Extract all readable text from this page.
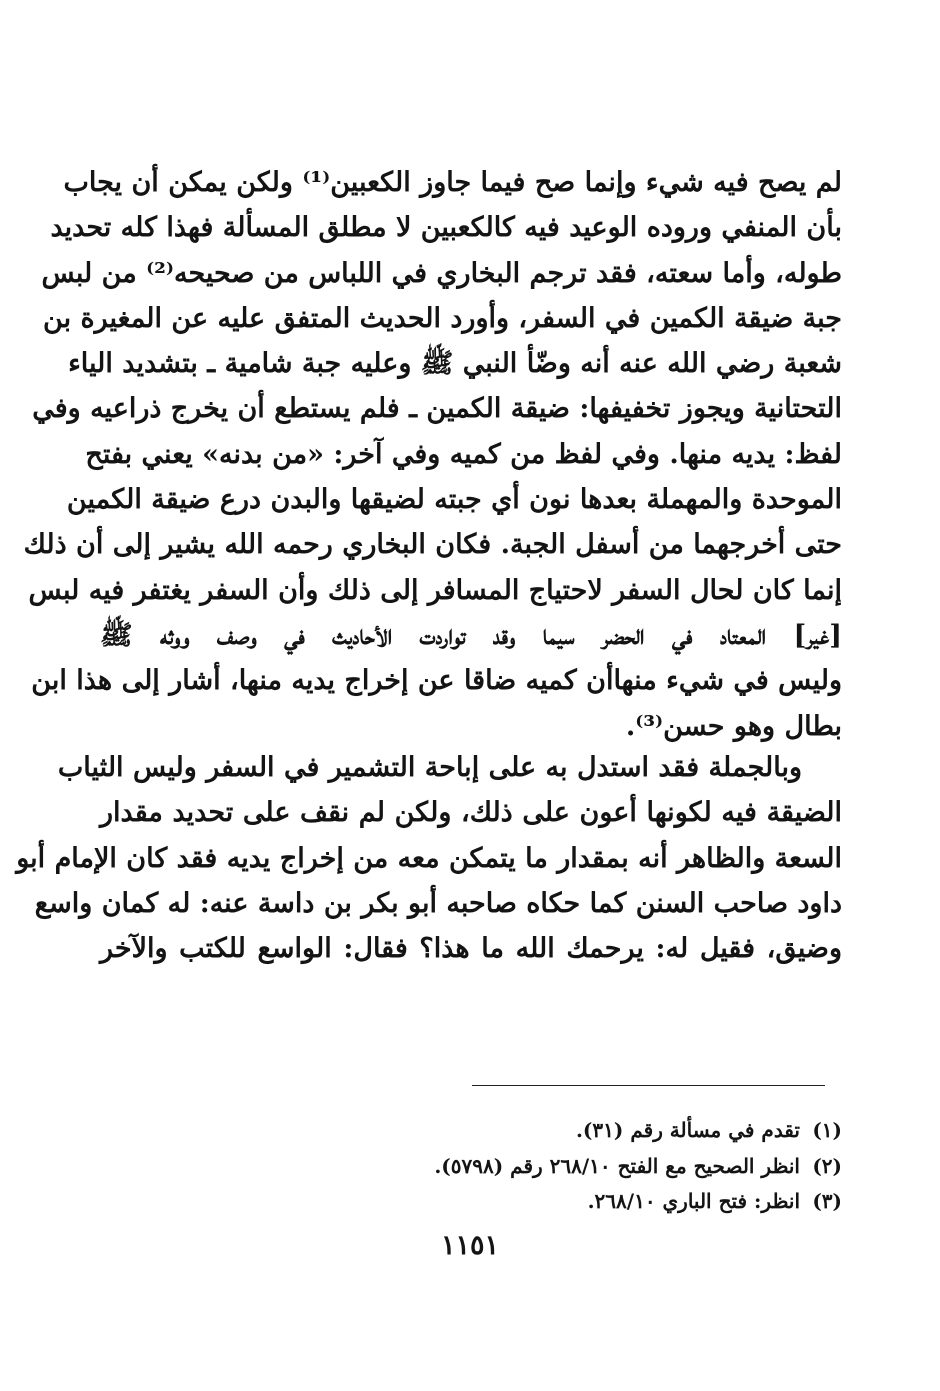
لم يصح فيه شيء وإنما صح فيما جاوز الكعبين⁽¹⁾ ولكن يمكن أن يجاب
بأن المنفي وروده الوعيد فيه كالكعبين لا مطلق المسألة فهذا كله تحديد
طوله، وأما سعته، فقد ترجم البخاري في اللباس من صحيحه⁽²⁾ من لبس
جبة ضيقة الكمين في السفر، وأورد الحديث المتفق عليه عن المغيرة بن
شعبة رضي الله عنه أنه وضّأ النبي ﷺ وعليه جبة شامية ـ بتشديد الياء
التحتانية ويجوز تخفيفها: ضيقة الكمين ـ فلم يستطع أن يخرج ذراعيه وفي
لفظ: يديه منها. وفي لفظ من كميه وفي آخر: «من بدنه» يعني بفتح
الموحدة والمهملة بعدها نون أي جبته لضيقها والبدن درع ضيقة الكمين
حتى أخرجهما من أسفل الجبة. فكان البخاري رحمه الله يشير إلى أن ذلك
إنما كان لحال السفر لاحتياج المسافر إلى ذلك وأن السفر يغتفر فيه لبس
[غير] المعتاد في الحضر سيما وقد تواردت الأحاديث في وصف ووثه ﷺ
وليس في شيء منهاأن كميه ضاقا عن إخراج يديه منها، أشار إلى هذا ابن
بطال وهو حسن⁽³⁾.
وبالجملة فقد استدل به على إباحة التشمير في السفر وليس الثياب
الضيقة فيه لكونها أعون على ذلك، ولكن لم نقف على تحديد مقدار
السعة والظاهر أنه بمقدار ما يتمكن معه من إخراج يديه فقد كان الإمام أبو
داود صاحب السنن كما حكاه صاحبه أبو بكر بن داسة عنه: له كمان واسع
وضيق، فقيل له: يرحمك الله ما هذا؟ فقال: الواسع للكتب والآخر
(١)تقدم في مسألة رقم (٣١).
(٢)انظر الصحيح مع الفتح ٢٦٨/١٠ رقم (٥٧٩٨).
(٣)انظر: فتح الباري ٢٦٨/١٠.
١١٥١
